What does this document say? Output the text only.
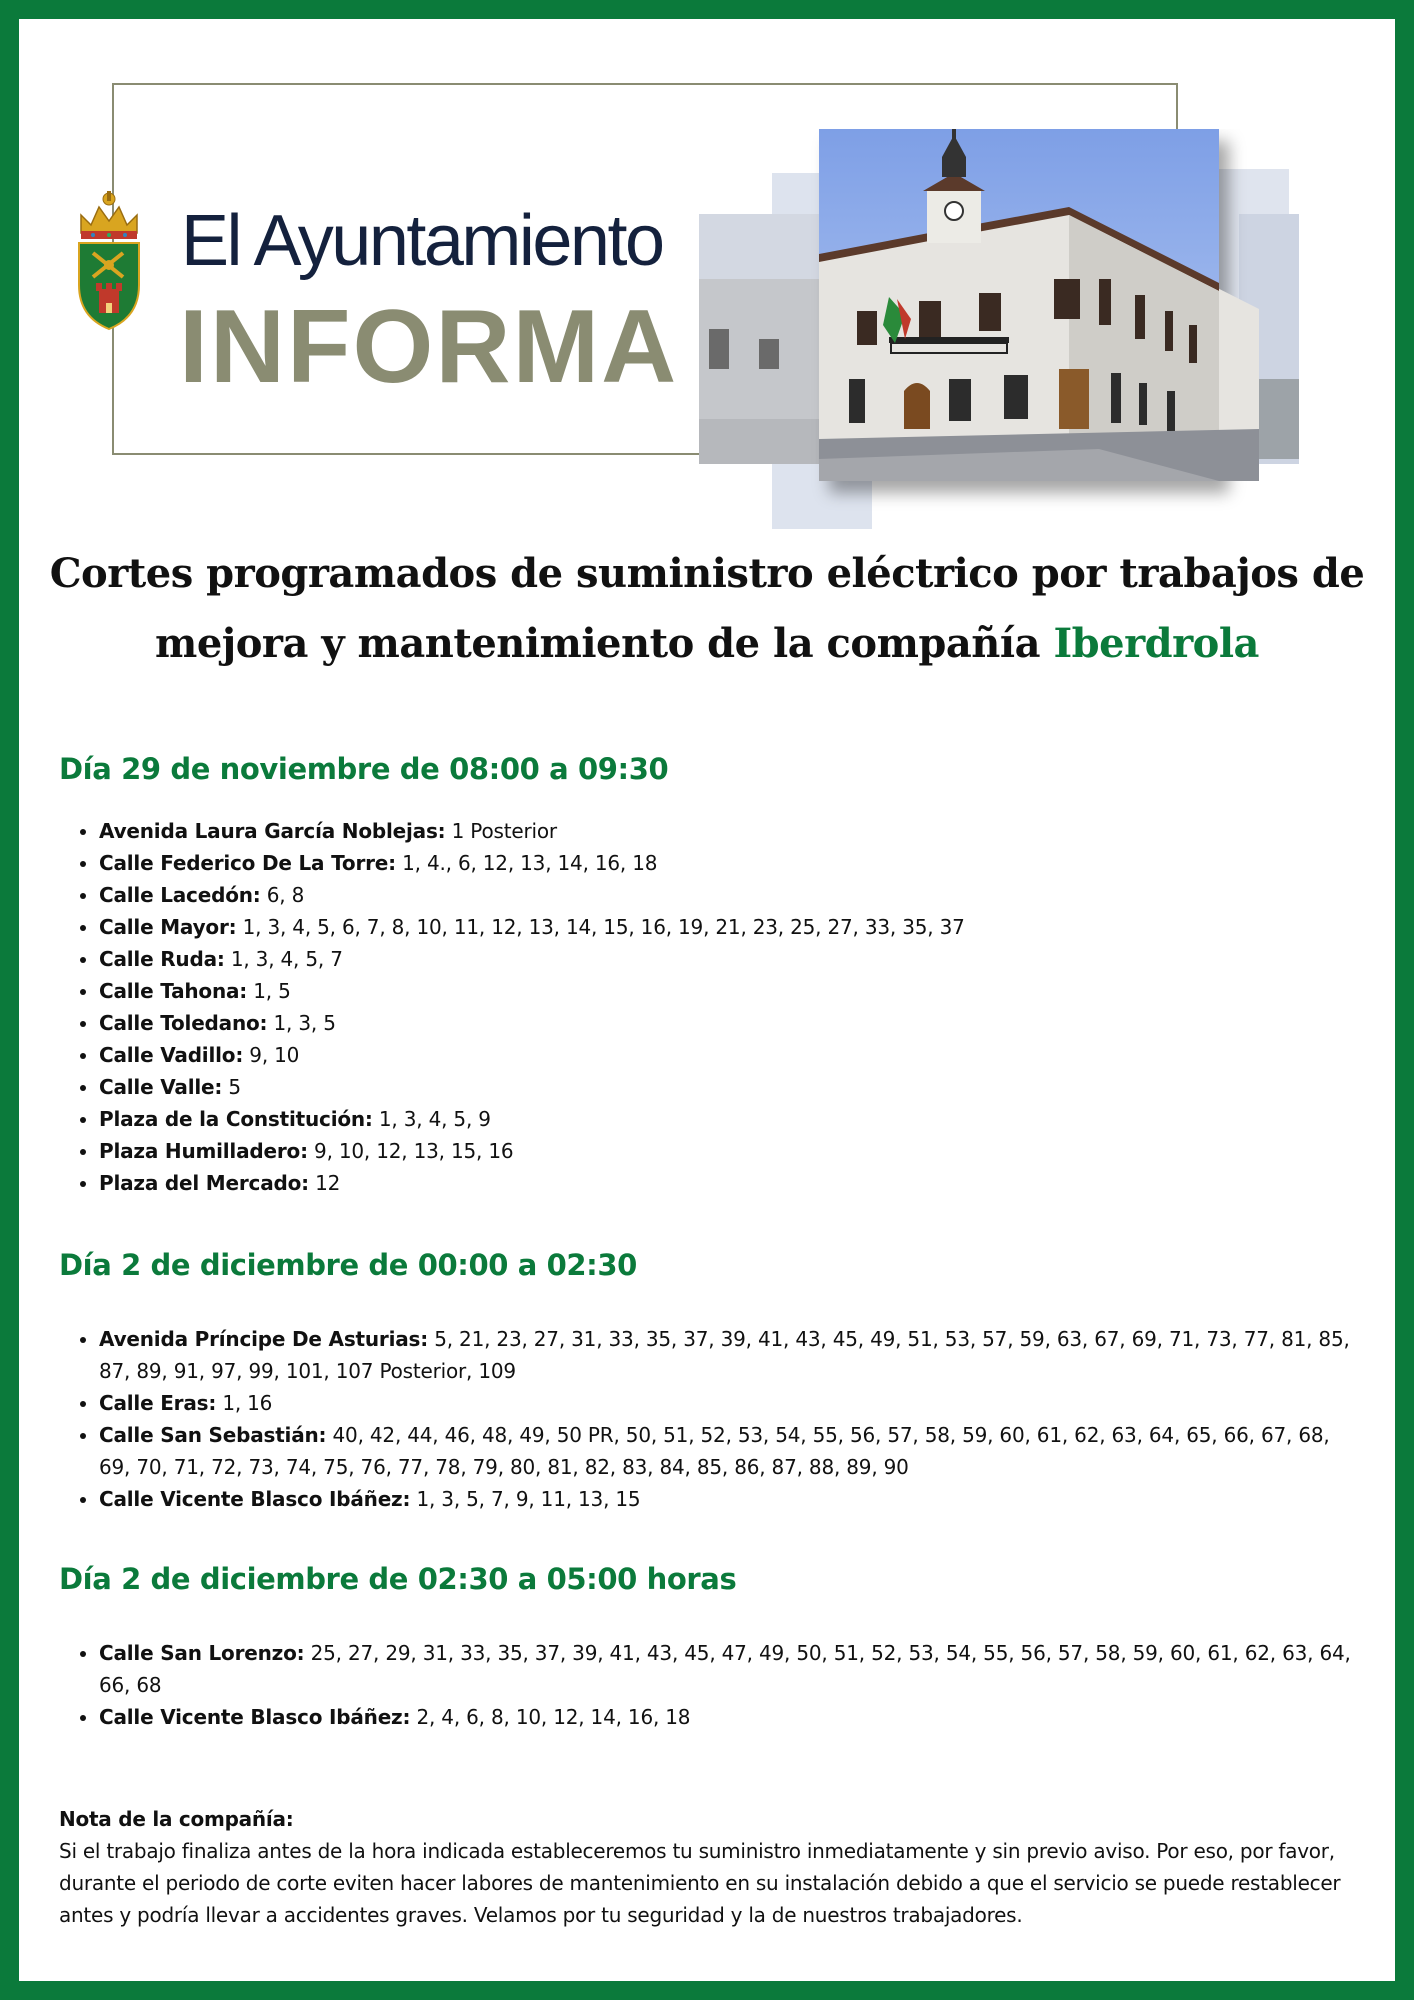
El Ayuntamiento
INFORMA
Cortes programados de suministro eléctrico por trabajos de mejora y mantenimiento de la compañía Iberdrola
Día 29 de noviembre de 08:00 a 09:30
• Avenida Laura García Noblejas: 1 Posterior
• Calle Federico De La Torre: 1, 4., 6, 12, 13, 14, 16, 18
• Calle Lacedón: 6, 8
• Calle Mayor: 1, 3, 4, 5, 6, 7, 8, 10, 11, 12, 13, 14, 15, 16, 19, 21, 23, 25, 27, 33, 35, 37
• Calle Ruda: 1, 3, 4, 5, 7
• Calle Tahona: 1, 5
• Calle Toledano: 1, 3, 5
• Calle Vadillo: 9, 10
• Calle Valle: 5
• Plaza de la Constitución: 1, 3, 4, 5, 9
• Plaza Humilladero: 9, 10, 12, 13, 15, 16
• Plaza del Mercado: 12
Día 2 de diciembre de 00:00 a 02:30
• Avenida Príncipe De Asturias: 5, 21, 23, 27, 31, 33, 35, 37, 39, 41, 43, 45, 49, 51, 53, 57, 59, 63, 67, 69, 71, 73, 77, 81, 85, 87, 89, 91, 97, 99, 101, 107 Posterior, 109
• Calle Eras: 1, 16
• Calle San Sebastián: 40, 42, 44, 46, 48, 49, 50 PR, 50, 51, 52, 53, 54, 55, 56, 57, 58, 59, 60, 61, 62, 63, 64, 65, 66, 67, 68, 69, 70, 71, 72, 73, 74, 75, 76, 77, 78, 79, 80, 81, 82, 83, 84, 85, 86, 87, 88, 89, 90
• Calle Vicente Blasco Ibáñez: 1, 3, 5, 7, 9, 11, 13, 15
Día 2 de diciembre de 02:30 a 05:00 horas
• Calle San Lorenzo: 25, 27, 29, 31, 33, 35, 37, 39, 41, 43, 45, 47, 49, 50, 51, 52, 53, 54, 55, 56, 57, 58, 59, 60, 61, 62, 63, 64, 66, 68
• Calle Vicente Blasco Ibáñez: 2, 4, 6, 8, 10, 12, 14, 16, 18
Nota de la compañía:
Si el trabajo finaliza antes de la hora indicada estableceremos tu suministro inmediatamente y sin previo aviso. Por eso, por favor, durante el periodo de corte eviten hacer labores de mantenimiento en su instalación debido a que el servicio se puede restablecer antes y podría llevar a accidentes graves. Velamos por tu seguridad y la de nuestros trabajadores.
